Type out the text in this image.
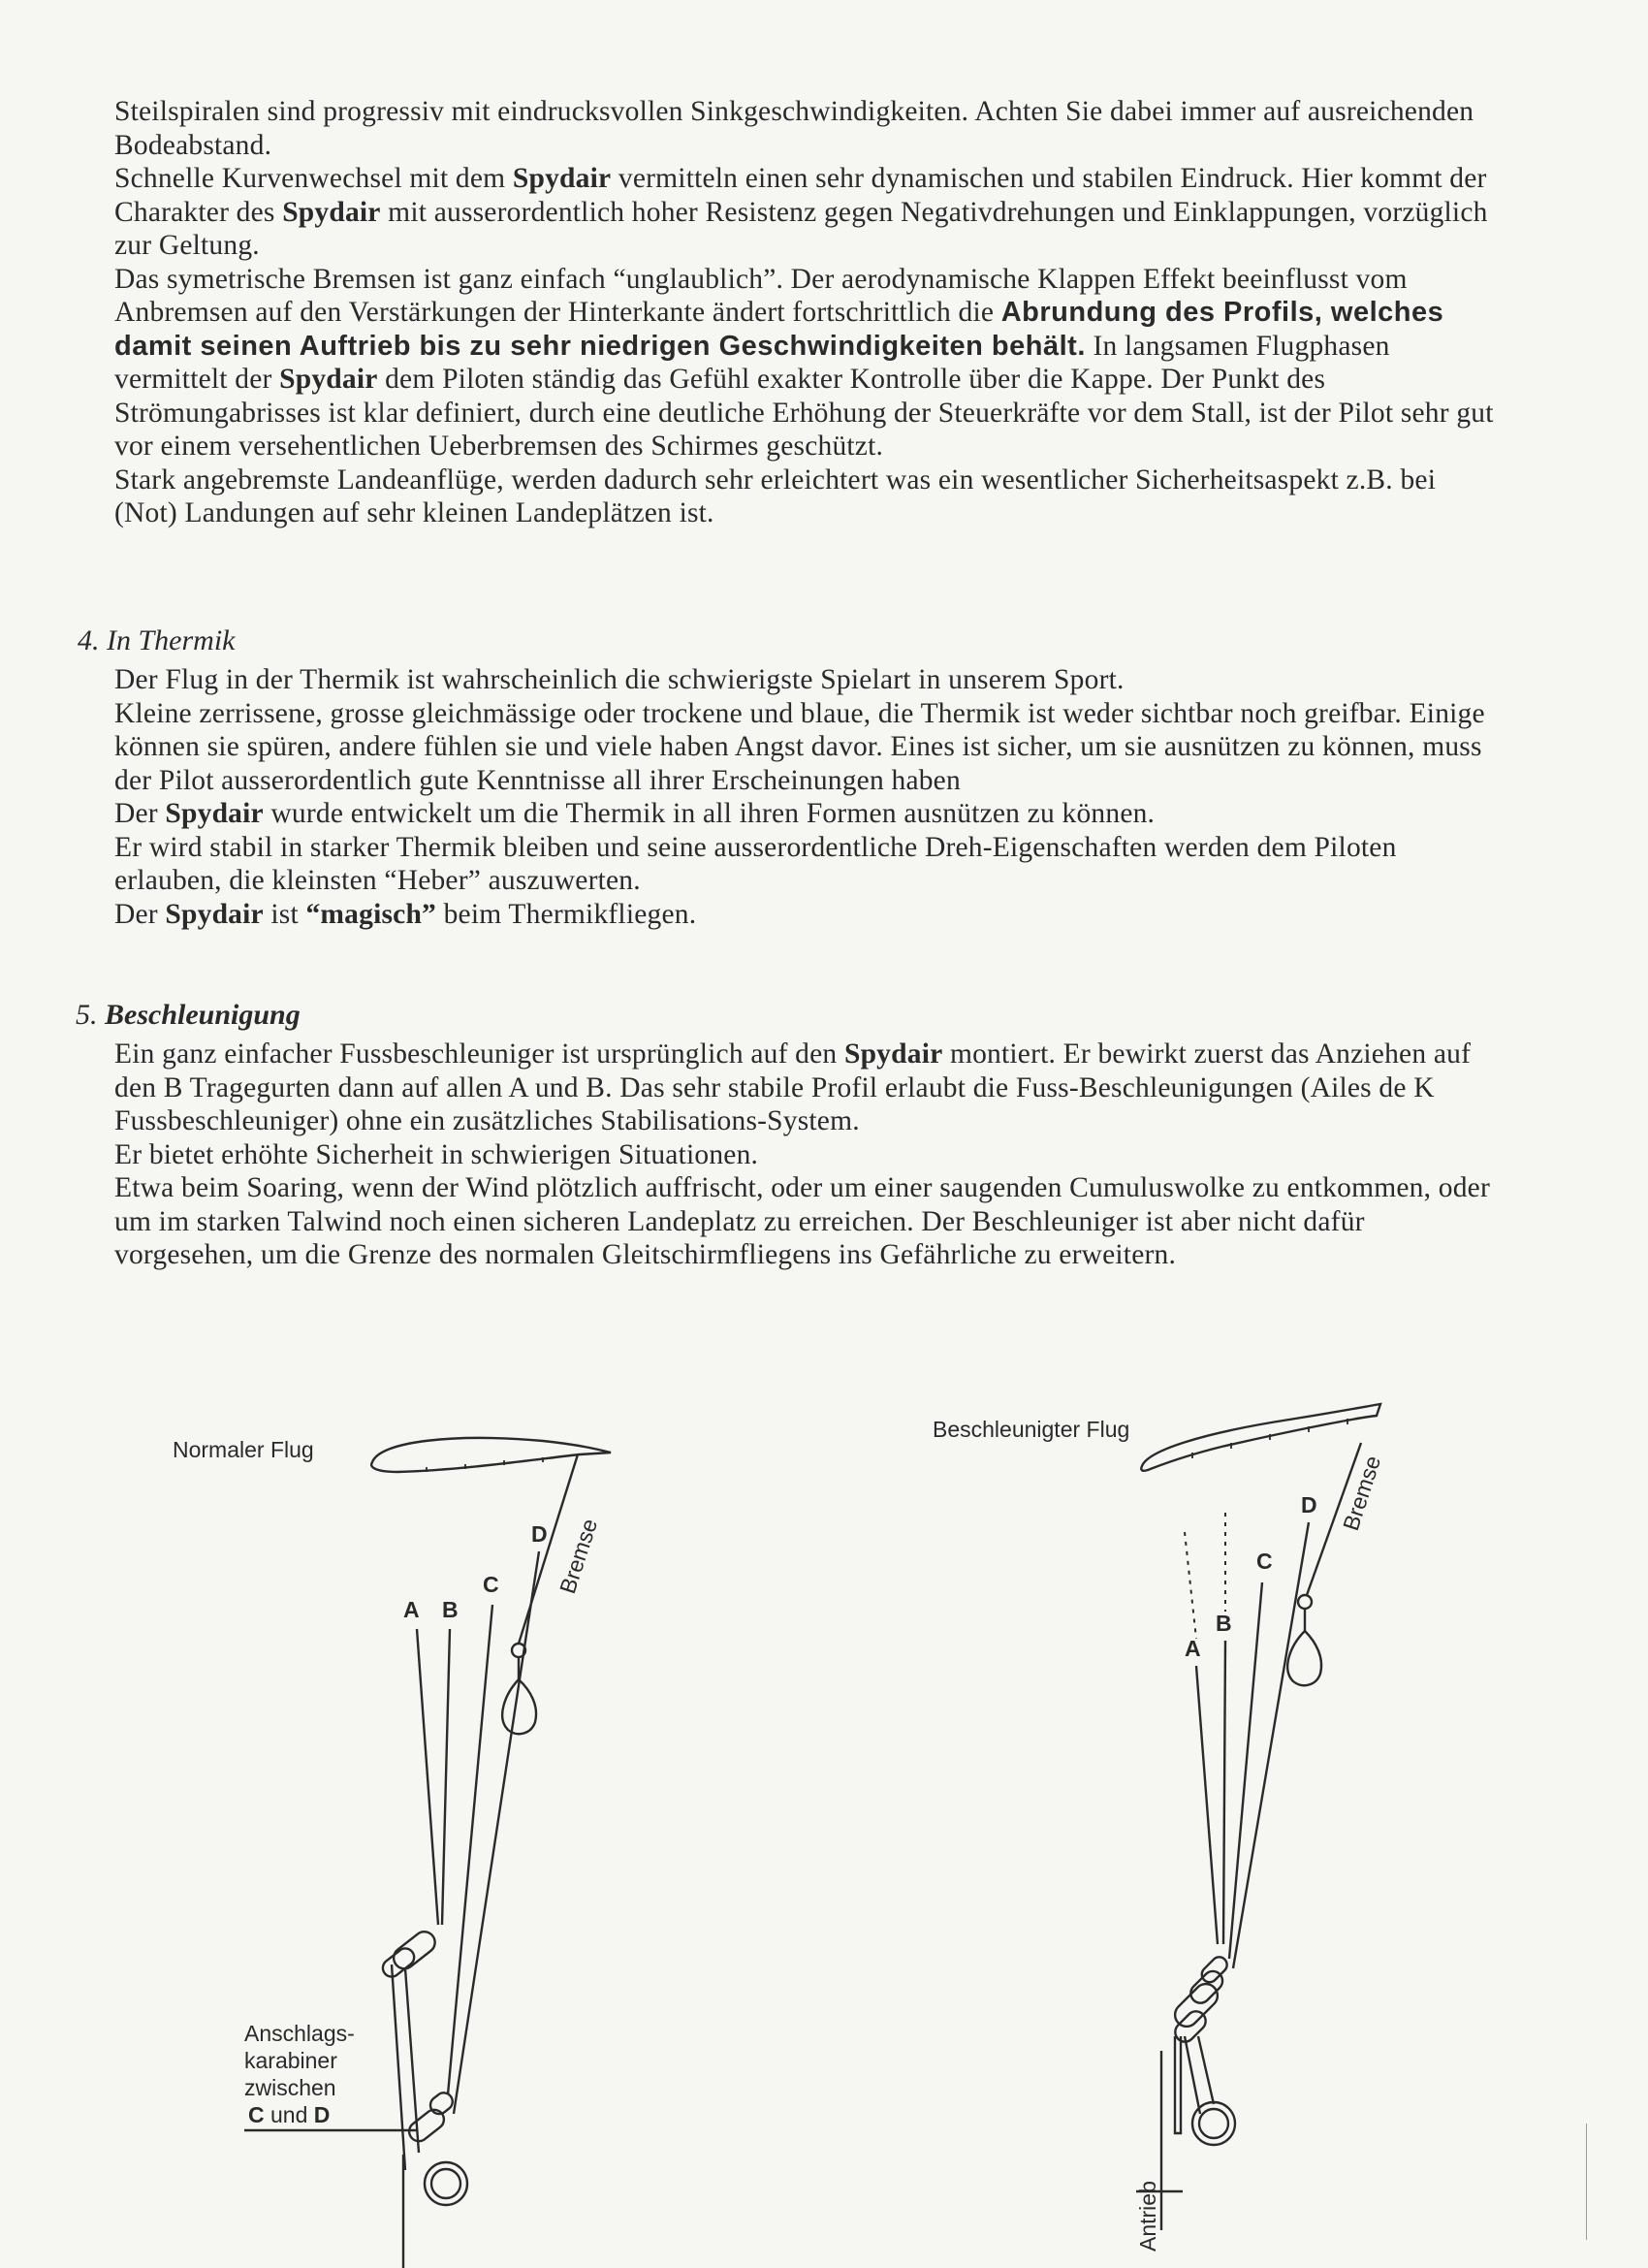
Steilspiralen sind progressiv mit eindrucksvollen Sinkgeschwindigkeiten. Achten Sie dabei immer auf ausreichenden Bodeabstand.

Schnelle Kurvenwechsel mit dem Spydair vermitteln einen sehr dynamischen und stabilen Eindruck. Hier kommt der Charakter des Spydair mit ausserordentlich hoher Resistenz gegen Negativdrehungen und Einklappungen, vorzüglich zur Geltung.

Das symetrische Bremsen ist ganz einfach “unglaublich”. Der aerodynamische Klappen Effekt beeinflusst vom Anbremsen auf den Verstärkungen der Hinterkante ändert fortschrittlich die Abrundung des Profils, welches damit seinen Auftrieb bis zu sehr niedrigen Geschwindigkeiten behält. In langsamen Flugphasen vermittelt der Spydair dem Piloten ständig das Gefühl exakter Kontrolle über die Kappe. Der Punkt des Strömungabrisses ist klar definiert, durch eine deutliche Erhöhung der Steuerkräfte vor dem Stall, ist der Pilot sehr gut vor einem versehentlichen Ueberbremsen des Schirmes geschützt.

Stark angebremste Landeanflüge, werden dadurch sehr erleichtert was ein wesentlicher Sicherheitsaspekt z.B. bei (Not) Landungen auf sehr kleinen Landeplätzen ist.

4. In Thermik

Der Flug in der Thermik ist wahrscheinlich die schwierigste Spielart in unserem Sport.

Kleine zerrissene, grosse gleichmässige oder trockene und blaue, die Thermik ist weder sichtbar noch greifbar. Einige können sie spüren, andere fühlen sie und viele haben Angst davor. Eines ist sicher, um sie ausnützen zu können, muss der Pilot ausserordentlich gute Kenntnisse all ihrer Erscheinungen haben

Der Spydair wurde entwickelt um die Thermik in all ihren Formen ausnützen zu können.

Er wird stabil in starker Thermik bleiben und seine ausserordentliche Dreh-Eigenschaften werden dem Piloten erlauben, die kleinsten “Heber” auszuwerten.

Der Spydair ist “magisch” beim Thermikfliegen.

5. Beschleunigung

Ein ganz einfacher Fussbeschleuniger ist ursprünglich auf den Spydair montiert. Er bewirkt zuerst das Anziehen auf den B Tragegurten dann auf allen A und B. Das sehr stabile Profil erlaubt die Fuss-Beschleunigungen (Ailes de K Fussbeschleuniger) ohne ein zusätzliches Stabilisations-System.

Er bietet erhöhte Sicherheit in schwierigen Situationen.

Etwa beim Soaring, wenn der Wind plötzlich auffrischt, oder um einer saugenden Cumuluswolke zu entkommen, oder um im starken Talwind noch einen sicheren Landeplatz zu erreichen. Der Beschleuniger ist aber nicht dafür vorgesehen, um die Grenze des normalen Gleitschirmfliegens ins Gefährliche zu erweitern.

Normaler Flug
A B
C
D Bremse
Anschlags-
karabiner
zwischen
C und D
Beschleunigter Flug
A
B
C
D Bremse
Antrieb
